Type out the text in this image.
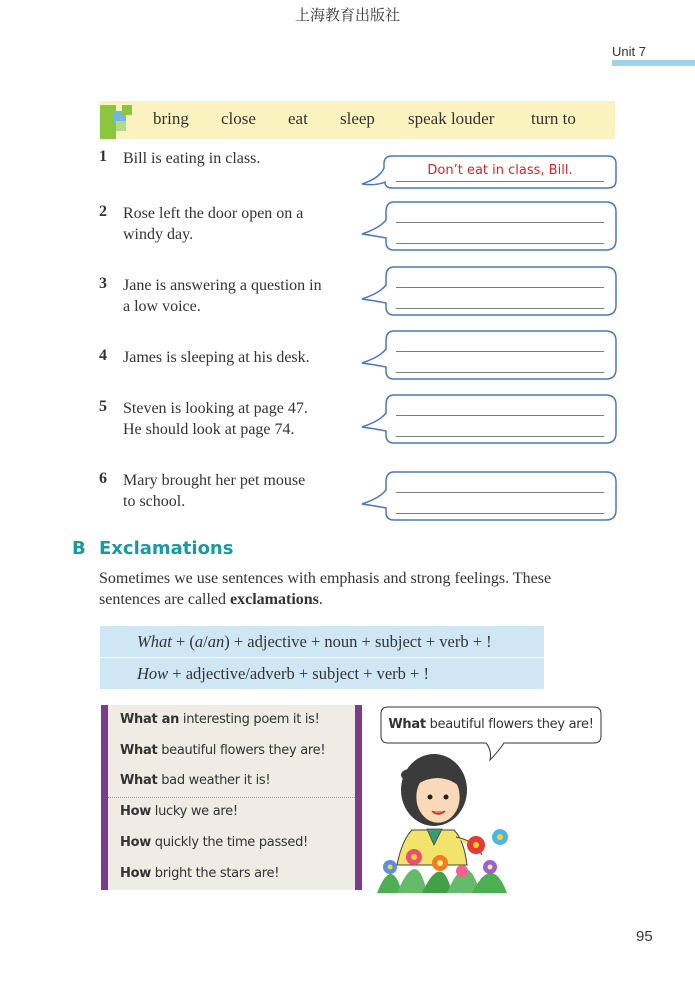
上海教育出版社
Unit 7
bring close eat sleep speak louder turn to
1 Bill is eating in class.
Don’t eat in class, Bill.
2 Rose left the door open on a
windy day.
3 Jane is answering a question in
a low voice.
4 James is sleeping at his desk.
5 Steven is looking at page 47.
He should look at page 74.
6 Mary brought her pet mouse
to school.
B Exclamations
Sometimes we use sentences with emphasis and strong feelings. These
sentences are called exclamations.
What + (a/an) + adjective + noun + subject + verb + !
How + adjective/adverb + subject + verb + !
What an interesting poem it is!
What beautiful flowers they are!
What bad weather it is!
How lucky we are!
How quickly the time passed!
How bright the stars are!
What beautiful flowers they are!
95
